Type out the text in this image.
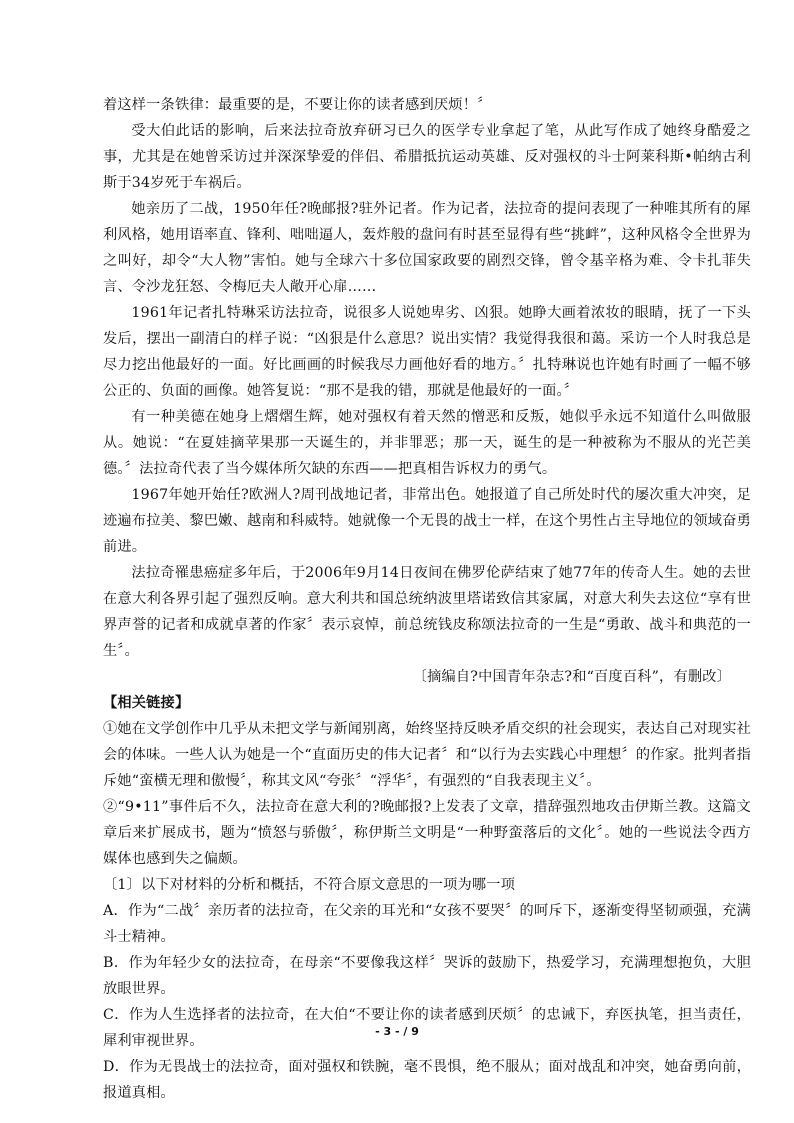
着这样一条铁律：最重要的是，不要让你的读者感到厌烦！〞

受大伯此话的影响，后来法拉奇放弃研习已久的医学专业拿起了笔，从此写作成了她终身酷爱之事，尤其是在她曾采访过并深深挚爱的伴侣、希腊抵抗运动英雄、反对强权的斗士阿莱科斯•帕纳古利斯于34岁死于车祸后。

她亲历了二战，1950年任?晚邮报?驻外记者。作为记者，法拉奇的提问表现了一种唯其所有的犀利风格，她用语率直、锋利、咄咄逼人，轰炸般的盘问有时甚至显得有些“挑衅”，这种风格令全世界为之叫好，却令“大人物”害怕。她与全球六十多位国家政要的剧烈交锋，曾令基辛格为难、令卡扎菲失言、令沙龙狂怒、令梅厄夫人敞开心扉……

1961年记者扎特琳采访法拉奇，说很多人说她卑劣、凶狠。她睁大画着浓妆的眼睛，抚了一下头发后，摆出一副清白的样子说：“凶狠是什么意思？说出实情？我觉得我很和蔼。采访一个人时我总是尽力挖出他最好的一面。好比画画的时候我尽力画他好看的地方。〞扎特琳说也许她有时画了一幅不够公正的、负面的画像。她答复说：“那不是我的错，那就是他最好的一面。〞

有一种美德在她身上熠熠生辉，她对强权有着天然的憎恶和反叛，她似乎永远不知道什么叫做服从。她说：“在夏娃摘苹果那一天诞生的，并非罪恶；那一天，诞生的是一种被称为不服从的光芒美德。〞法拉奇代表了当今媒体所欠缺的东西——把真相告诉权力的勇气。

1967年她开始任?欧洲人?周刊战地记者，非常出色。她报道了自己所处时代的屡次重大冲突，足迹遍布拉美、黎巴嫩、越南和科威特。她就像一个无畏的战士一样，在这个男性占主导地位的领域奋勇前进。

法拉奇罹患癌症多年后，于2006年9月14日夜间在佛罗伦萨结束了她77年的传奇人生。她的去世在意大利各界引起了强烈反响。意大利共和国总统纳波里塔诺致信其家属，对意大利失去这位“享有世界声誉的记者和成就卓著的作家〞表示哀悼，前总统钱皮称颂法拉奇的一生是“勇敢、战斗和典范的一生〞。

〔摘编自?中国青年杂志?和“百度百科”，有删改〕

【相关链接】

①她在文学创作中几乎从未把文学与新闻别离，始终坚持反映矛盾交织的社会现实，表达自己对现实社会的体味。一些人认为她是一个“直面历史的伟大记者〞和“以行为去实践心中理想〞的作家。批判者指斥她“蛮横无理和傲慢〞，称其文风“夸张〞“浮华〞，有强烈的“自我表现主义〞。

②“9•11”事件后不久，法拉奇在意大利的?晚邮报?上发表了文章，措辞强烈地攻击伊斯兰教。这篇文章后来扩展成书，题为“愤怒与骄傲〞，称伊斯兰文明是“一种野蛮落后的文化〞。她的一些说法令西方媒体也感到失之偏颇。

〔1〕以下对材料的分析和概括，不符合原文意思的一项为哪一项

A．作为“二战〞亲历者的法拉奇，在父亲的耳光和“女孩不要哭〞的呵斥下，逐渐变得坚韧顽强，充满斗士精神。

B．作为年轻少女的法拉奇，在母亲“不要像我这样〞哭诉的鼓励下，热爱学习，充满理想抱负，大胆放眼世界。

C．作为人生选择者的法拉奇，在大伯“不要让你的读者感到厌烦〞的忠诫下，弃医执笔，担当责任，犀利审视世界。

D．作为无畏战士的法拉奇，面对强权和铁腕，毫不畏惧，绝不服从；面对战乱和冲突，她奋勇向前，报道真相。

- 3 - / 9
